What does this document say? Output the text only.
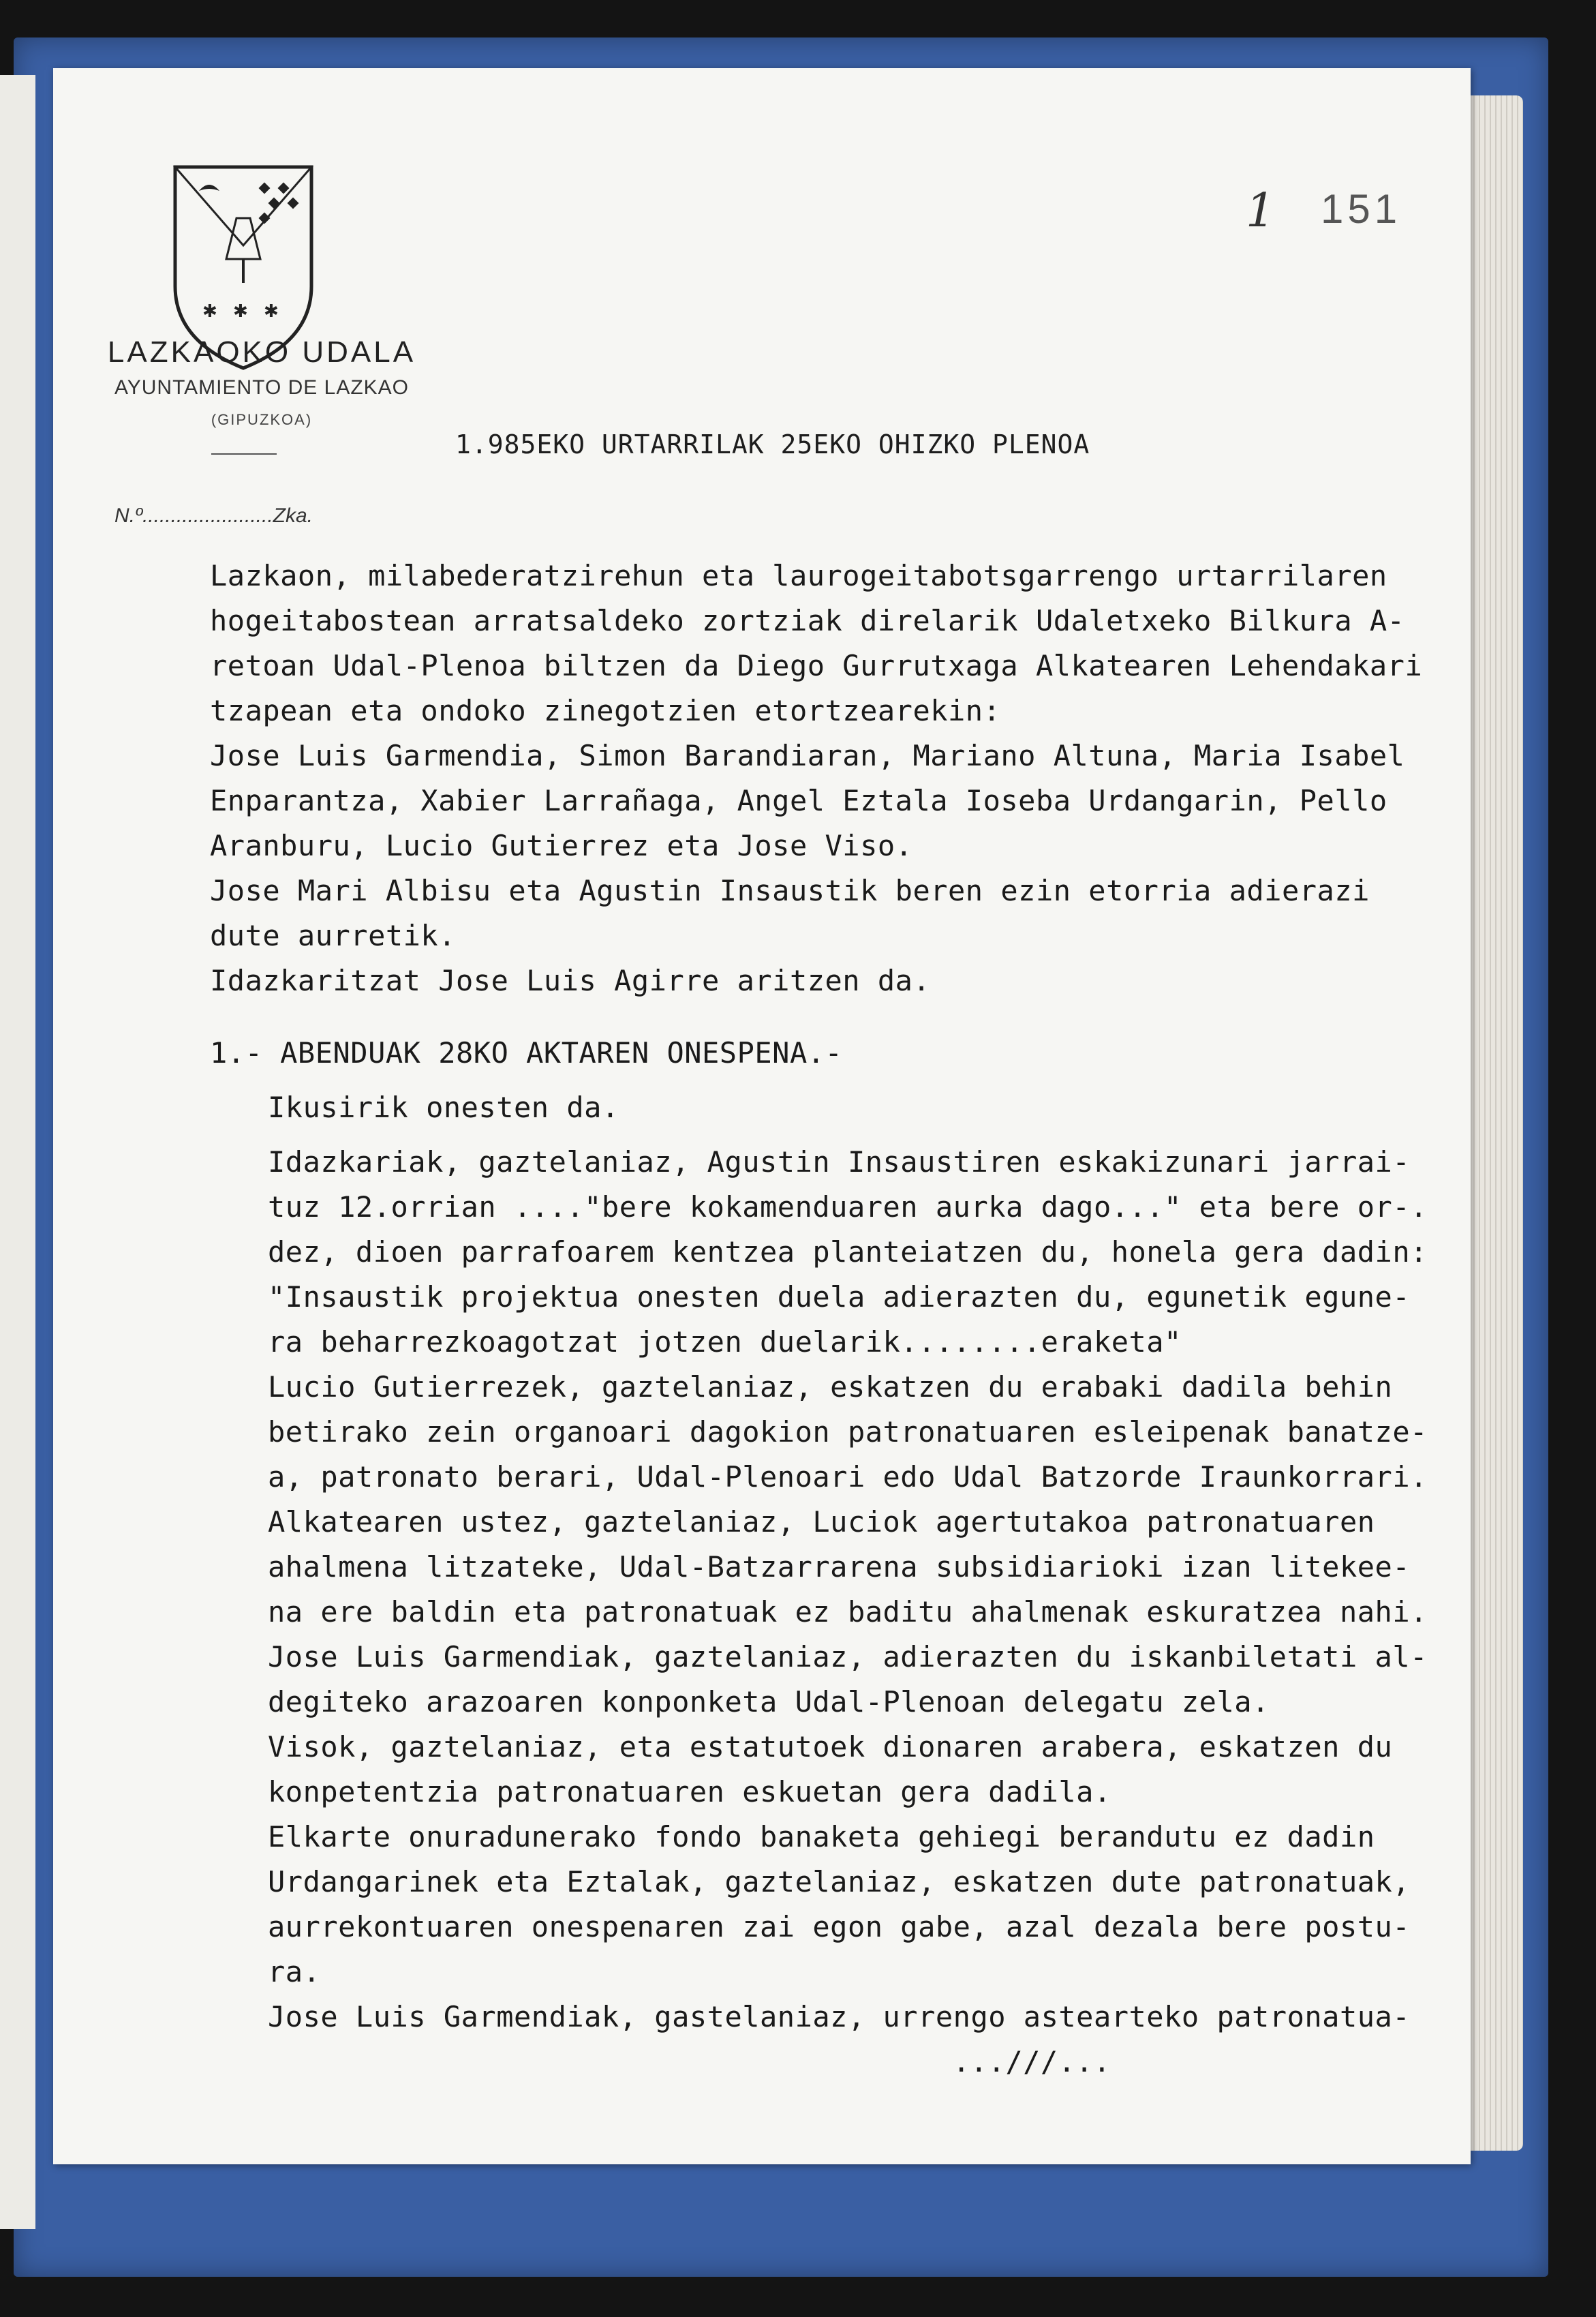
✱ ✱ ✱
LAZKAOKO UDALA
AYUNTAMIENTO DE LAZKAO
(GIPUZKOA)
N.º.......................Zka.
1 151
1.985EKO URTARRILAK 25EKO OHIZKO PLENOA
Lazkaon, milabederatzirehun eta laurogeitabotsgarrengo urtarrilaren
hogeitabostean arratsaldeko zortziak direlarik Udaletxeko Bilkura A-
retoan Udal-Plenoa biltzen da Diego Gurrutxaga Alkatearen Lehendakari
tzapean eta ondoko zinegotzien etortzearekin:
Jose Luis Garmendia, Simon Barandiaran, Mariano Altuna, Maria Isabel
Enparantza, Xabier Larrañaga, Angel Eztala Ioseba Urdangarin, Pello
Aranburu, Lucio Gutierrez eta Jose Viso.
Jose Mari Albisu eta Agustin Insaustik beren ezin etorria adierazi
dute aurretik.
Idazkaritzat Jose Luis Agirre aritzen da.
1.- ABENDUAK 28KO AKTAREN ONESPENA.-
Ikusirik onesten da.
Idazkariak, gaztelaniaz, Agustin Insaustiren eskakizunari jarrai-
tuz 12.orrian ...."bere kokamenduaren aurka dago..." eta bere or-.
dez, dioen parrafoarem kentzea planteiatzen du, honela gera dadin:
"Insaustik projektua onesten duela adierazten du, egunetik egune-
ra beharrezkoagotzat jotzen duelarik........eraketa"
Lucio Gutierrezek, gaztelaniaz, eskatzen du erabaki dadila behin
betirako zein organoari dagokion patronatuaren esleipenak banatze-
a, patronato berari, Udal-Plenoari edo Udal Batzorde Iraunkorrari.
Alkatearen ustez, gaztelaniaz, Luciok agertutakoa patronatuaren
ahalmena litzateke, Udal-Batzarrarena subsidiarioki izan litekee-
na ere baldin eta patronatuak ez baditu ahalmenak eskuratzea nahi.
Jose Luis Garmendiak, gaztelaniaz, adierazten du iskanbiletati al-
degiteko arazoaren konponketa Udal-Plenoan delegatu zela.
Visok, gaztelaniaz, eta estatutoek dionaren arabera, eskatzen du
konpetentzia patronatuaren eskuetan gera dadila.
Elkarte onuradunerako fondo banaketa gehiegi berandutu ez dadin
Urdangarinek eta Eztalak, gaztelaniaz, eskatzen dute patronatuak,
aurrekontuaren onespenaren zai egon gabe, azal dezala bere postu-
ra.
Jose Luis Garmendiak, gastelaniaz, urrengo astearteko patronatua-
...///...
